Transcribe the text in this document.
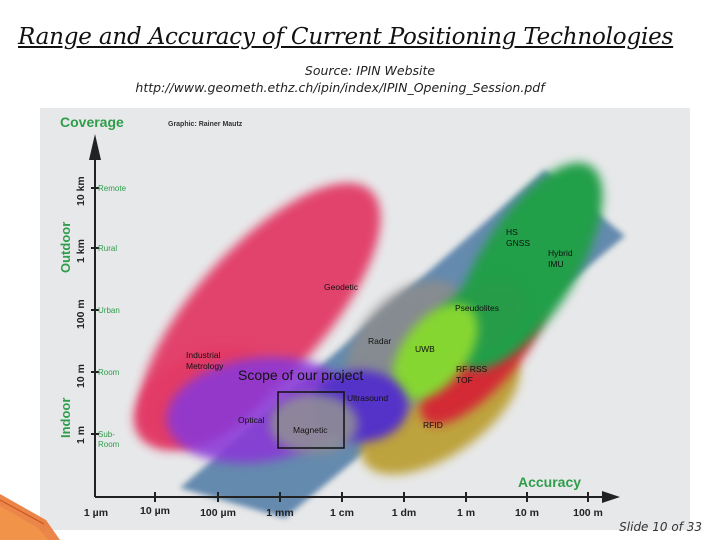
Range and Accuracy of Current Positioning Technologies
Source: IPIN Website
http://www.geometh.ethz.ch/ipin/index/IPIN_Opening_Session.pdf
Coverage	Graphic: Rainer Mautz
Accuracy
Outdoor
Indoor
10 km
1 km
100 m
10 m
1 m
Remote
Rural
Urban
Room
Sub-
Room
1 µm	10 µm	100 µm	1 mm	1 cm	1 dm	1 m	10 m	100 m
Geodetic
HS
GNSS
Hybrid
IMU
Pseudolites
Radar
UWB
Industrial
Metrology	RF RSS
TOF
Ultrasound
Optical
Magnetic	RFID
Scope of our project
Slide 10 of 33
